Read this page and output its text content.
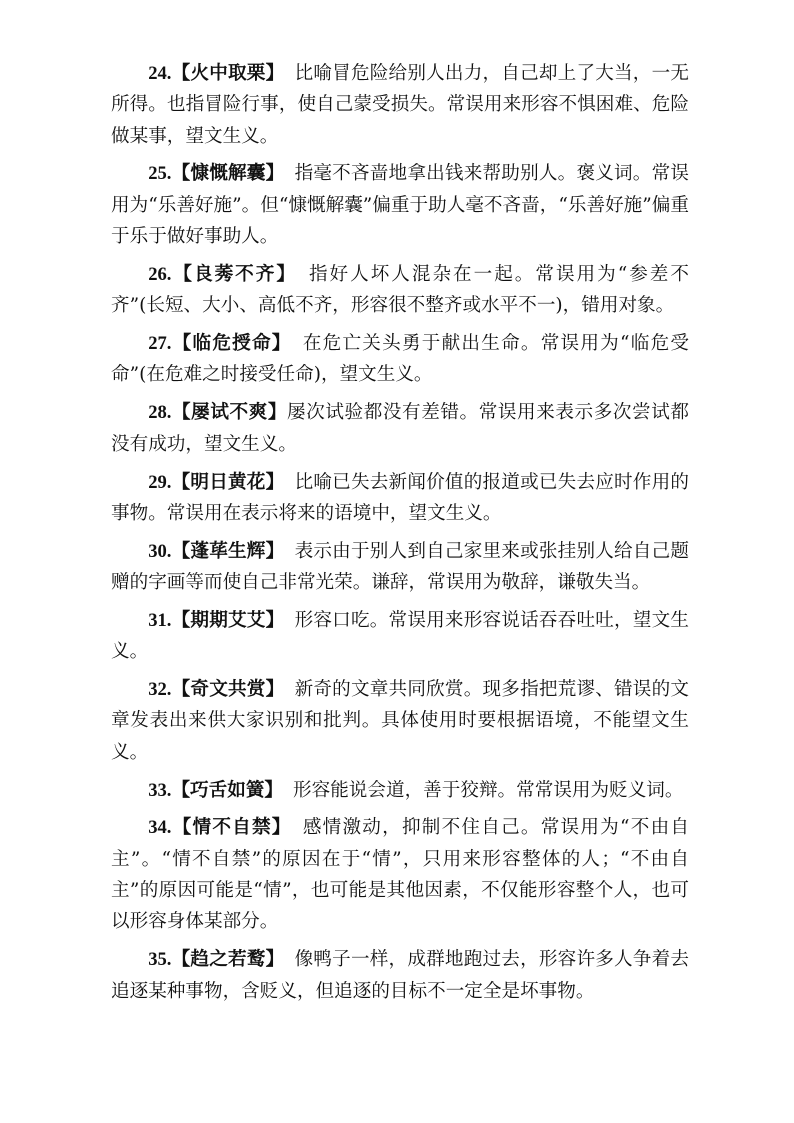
24.【火中取栗】 比喻冒危险给别人出力，自己却上了大当，一无所得。也指冒险行事，使自己蒙受损失。常误用来形容不惧困难、危险做某事，望文生义。

25.【慷慨解囊】 指毫不吝啬地拿出钱来帮助别人。褒义词。常误用为“乐善好施”。但“慷慨解囊”偏重于助人毫不吝啬，“乐善好施”偏重于乐于做好事助人。

26.【良莠不齐】 指好人坏人混杂在一起。常误用为“参差不齐”(长短、大小、高低不齐，形容很不整齐或水平不一)，错用对象。

27.【临危授命】 在危亡关头勇于献出生命。常误用为“临危受命”(在危难之时接受任命)，望文生义。

28.【屡试不爽】屡次试验都没有差错。常误用来表示多次尝试都没有成功，望文生义。

29.【明日黄花】 比喻已失去新闻价值的报道或已失去应时作用的事物。常误用在表示将来的语境中，望文生义。

30.【蓬荜生辉】 表示由于别人到自己家里来或张挂别人给自己题赠的字画等而使自己非常光荣。谦辞，常误用为敬辞，谦敬失当。

31.【期期艾艾】 形容口吃。常误用来形容说话吞吞吐吐，望文生义。

32.【奇文共赏】 新奇的文章共同欣赏。现多指把荒谬、错误的文章发表出来供大家识别和批判。具体使用时要根据语境，不能望文生义。

33.【巧舌如簧】 形容能说会道，善于狡辩。常常误用为贬义词。

34.【情不自禁】 感情激动，抑制不住自己。常误用为“不由自主”。“情不自禁”的原因在于“情”，只用来形容整体的人；“不由自主”的原因可能是“情”，也可能是其他因素，不仅能形容整个人，也可以形容身体某部分。

35.【趋之若鹜】 像鸭子一样，成群地跑过去，形容许多人争着去追逐某种事物，含贬义，但追逐的目标不一定全是坏事物。
